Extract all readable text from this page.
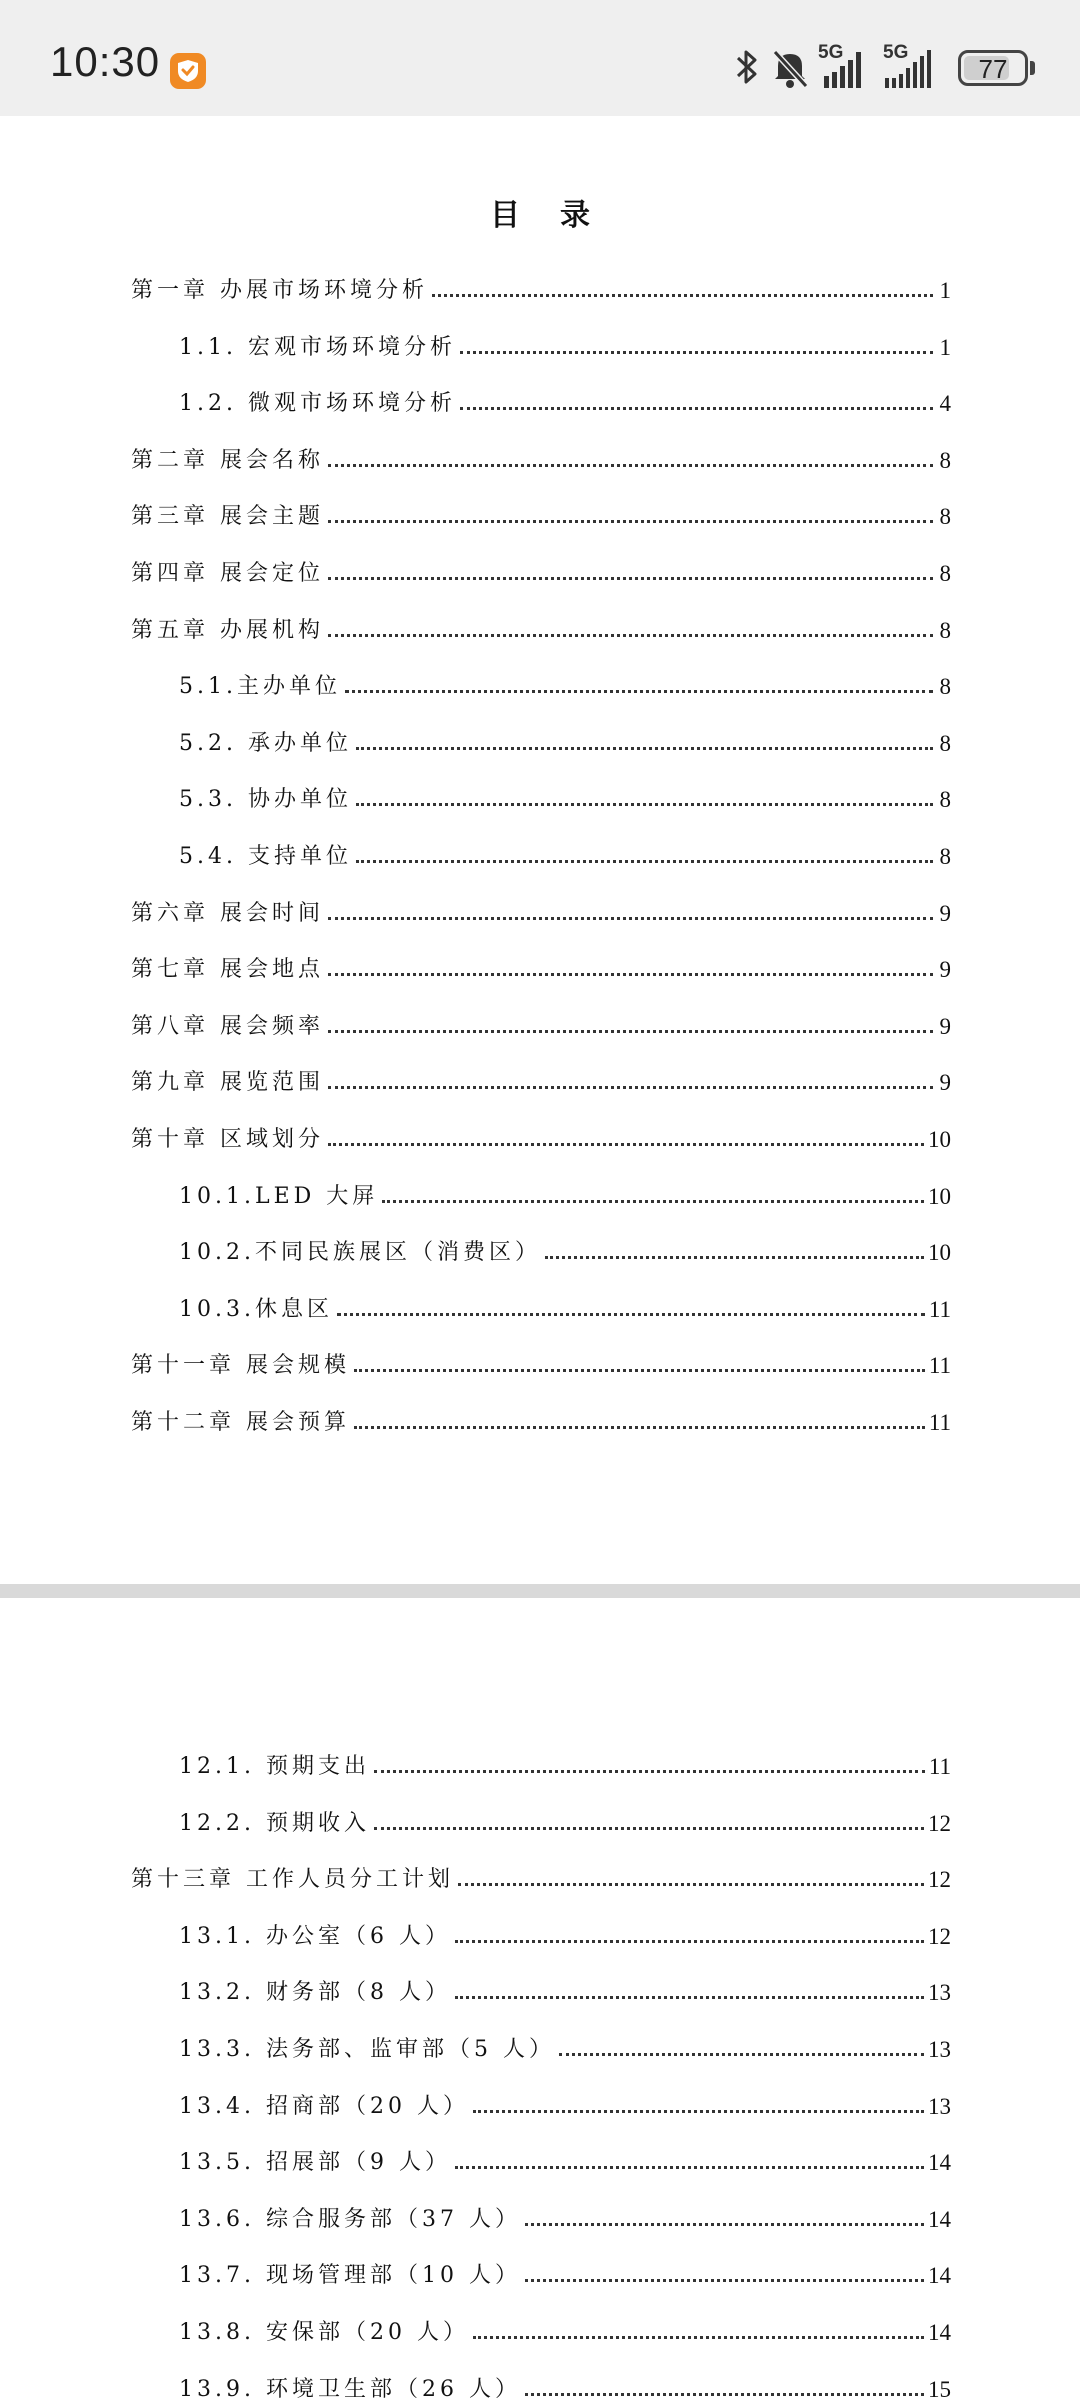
10:30	5G 5G
77
目录
第一章 办展市场环境分析	1
1.1. 宏观市场环境分析	1
1.2. 微观市场环境分析	4
第二章 展会名称	8
第三章 展会主题	8
第四章 展会定位	8
第五章 办展机构	8
5.1.主办单位	8
5.2. 承办单位	8
5.3. 协办单位	8
5.4. 支持单位	8
第六章 展会时间	9
第七章 展会地点	9
第八章 展会频率	9
第九章 展览范围	9
第十章 区域划分	10
10.1.LED 大屏	10
10.2.不同民族展区（消费区）	10
10.3.休息区	11
第十一章 展会规模	11
第十二章 展会预算	11
12.1. 预期支出	11
12.2. 预期收入	12
第十三章 工作人员分工计划	12
13.1. 办公室（6 人）	12
13.2. 财务部（8 人）	13
13.3. 法务部、监审部（5 人）	13
13.4. 招商部（20 人）	13
13.5. 招展部（9 人）	14
13.6. 综合服务部（37 人）	14
13.7. 现场管理部（10 人）	14
13.8. 安保部（20 人）	14
13.9. 环境卫生部（26 人）	15
